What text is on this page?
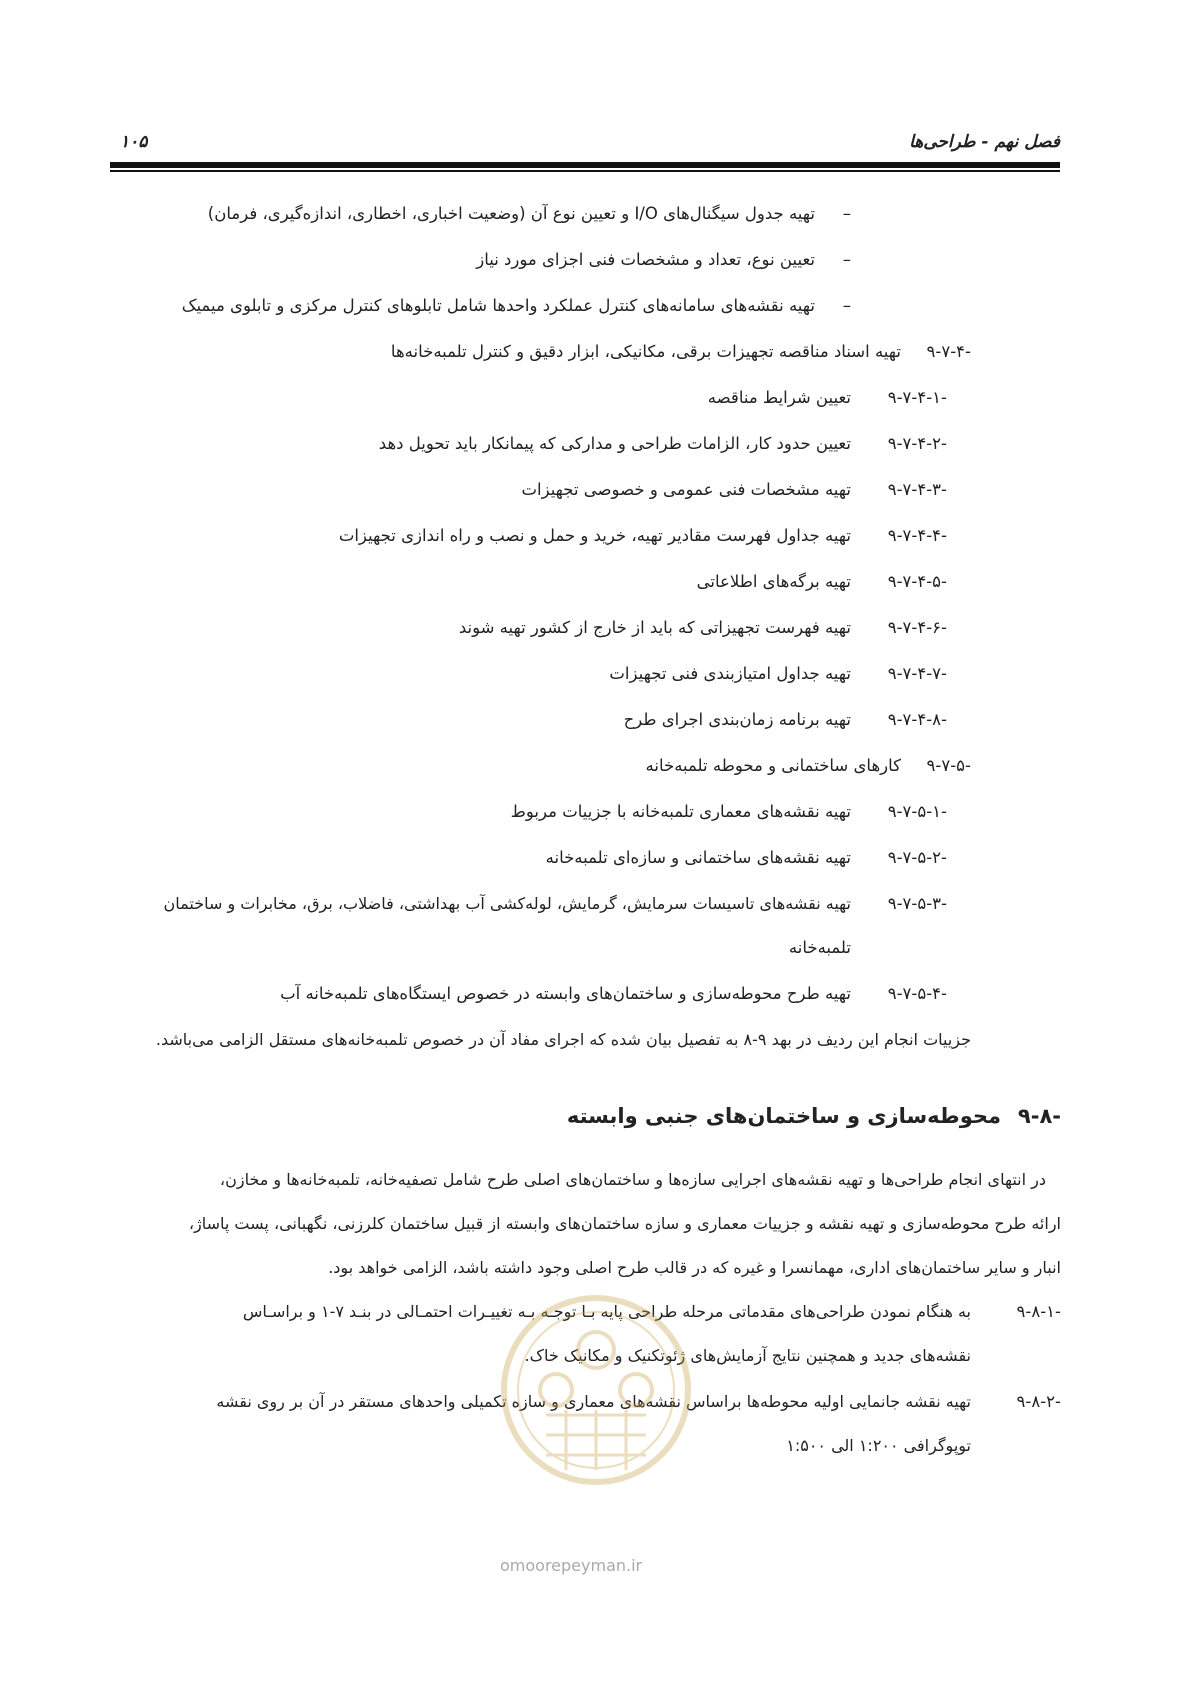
فصل نهم - طراحی‌ها
۱۰۵
–
تهیه جدول سیگنال‌های I/O و تعیین نوع آن (وضعیت اخباری، اخطاری، اندازه‌گیری، فرمان)
–
تعیین نوع، تعداد و مشخصات فنی اجزای مورد نیاز
–
تهیه نقشه‌های سامانه‌های کنترل عملکرد واحدها شامل تابلوهای کنترل مرکزی و تابلوی میمیک
۹-۷-۴-
تهیه اسناد مناقصه تجهیزات برقی، مکانیکی، ابزار دقیق و کنترل تلمبه‌خانه‌ها
۹-۷-۴-۱-
تعیین شرایط مناقصه
۹-۷-۴-۲-
تعیین حدود کار، الزامات طراحی و مدارکی که پیمانکار باید تحویل دهد
۹-۷-۴-۳-
تهیه مشخصات فنی عمومی و خصوصی تجهیزات
۹-۷-۴-۴-
تهیه جداول فهرست مقادیر تهیه، خرید و حمل و نصب و راه اندازی تجهیزات
۹-۷-۴-۵-
تهیه برگه‌های اطلاعاتی
۹-۷-۴-۶-
تهیه فهرست تجهیزاتی که باید از خارج از کشور تهیه شوند
۹-۷-۴-۷-
تهیه جداول امتیازبندی فنی تجهیزات
۹-۷-۴-۸-
تهیه برنامه زمان‌بندی اجرای طرح
۹-۷-۵-
کارهای ساختمانی و محوطه تلمبه‌خانه
۹-۷-۵-۱-
تهیه نقشه‌های معماری تلمبه‌خانه با جزییات مربوط
۹-۷-۵-۲-
تهیه نقشه‌های ساختمانی و سازه‌ای تلمبه‌خانه
۹-۷-۵-۳-
تهیه نقشه‌های تاسیسات سرمایش، گرمایش، لوله‌کشی آب بهداشتی، فاضلاب، برق، مخابرات و ساختمان
تلمبه‌خانه
۹-۷-۵-۴-
تهیه طرح محوطه‌سازی و ساختمان‌های وابسته در خصوص ایستگاه‌های تلمبه‌خانه آب
جزییات انجام این ردیف در بهد ۹-۸ به تفصیل بیان شده که اجرای مفاد آن در خصوص تلمبه‌خانه‌های مستقل الزامی می‌باشد.
۹-۸-
محوطه‌سازی و ساختمان‌های جنبی وابسته
در انتهای انجام طراحی‌ها و تهیه نقشه‌های اجرایی سازه‌ها و ساختمان‌های اصلی طرح شامل تصفیه‌خانه، تلمبه‌خانه‌ها و مخازن،
ارائه طرح محوطه‌سازی و تهیه نقشه و جزییات معماری و سازه ساختمان‌های وابسته از قبیل ساختمان کلرزنی، نگهبانی، پست پاساژ،
انبار و سایر ساختمان‌های اداری، مهمانسرا و غیره که در قالب طرح اصلی وجود داشته باشد، الزامی خواهد بود.
۹-۸-۱-
به هنگام نمودن طراحی‌های مقدماتی مرحله طراحی پایه بـا توجـه بـه تغییـرات احتمـالی در بنـد ۷-۱ و براسـاس
نقشه‌های جدید و همچنین نتایج آزمایش‌های ژئوتکنیک و مکانیک خاک.
۹-۸-۲-
تهیه نقشه جانمایی اولیه محوطه‌ها براساس نقشه‌های معماری و سازه تکمیلی واحدهای مستقر در آن بر روی نقشه
توپوگرافی ۱:۲۰۰ الی ۱:۵۰۰
omoorepeyman.ir
